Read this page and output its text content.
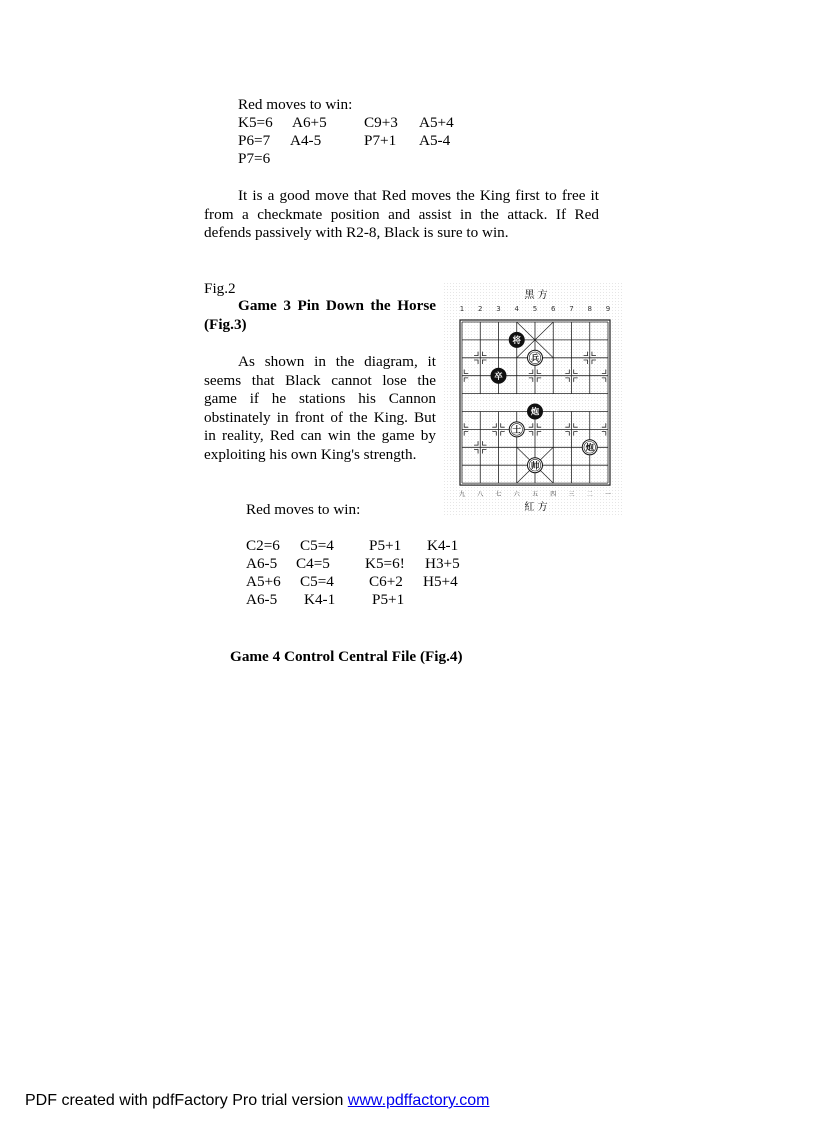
Red moves to win:

K5=6 A6+5 C9+3 A5+4
P6=7 A4-5	P7+1 A5-4
P7=6

It is a good move that Red moves the King first to free it from a checkmate position and assist in the attack. If Red defends passively with R2-8, Black is sure to win.

Fig.2

Game 3 Pin Down the Horse (Fig.3)

As shown in the diagram, it seems that Black cannot lose the game if he stations his Cannon obstinately in front of the King. But in reality, Red can win the game by exploiting his own King's strength.

Red moves to win:

C2=6 C5=4 P5+1 K4-1
A6-5 C4=5 K5=6! H3+5
A5+6 C5=4 C6+2 H5+4
A6-5 K4-1 P5+1

Game 4 Control Central File (Fig.4)

黑 方
紅 方
1 2 3 4 5 6 7 8 9
九 八 七 六 五 四 三 二 一
将
兵
卒
炮
士
炮
帅
PDF created with pdfFactory Pro trial version www.pdffactory.com
